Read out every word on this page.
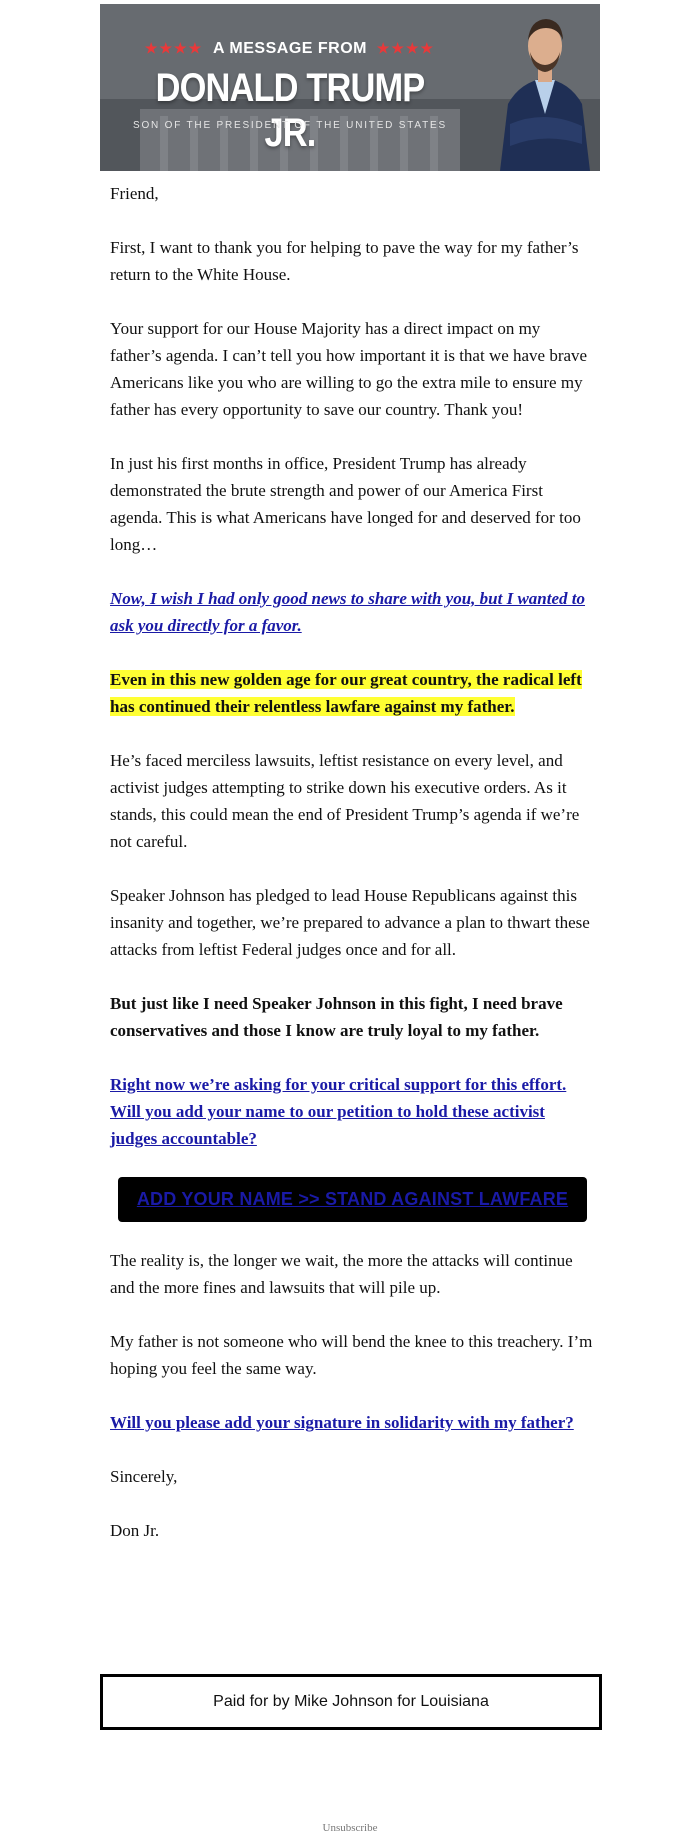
★★★★ A MESSAGE FROM ★★★★
DONALD TRUMP JR.
SON OF THE PRESIDENT OF THE UNITED STATES

Friend,

First, I want to thank you for helping to pave the way for my father’s return to the White House.

Your support for our House Majority has a direct impact on my father’s agenda. I can’t tell you how important it is that we have brave Americans like you who are willing to go the extra mile to ensure my father has every opportunity to save our country. Thank you!

In just his first months in office, President Trump has already demonstrated the brute strength and power of our America First agenda. This is what Americans have longed for and deserved for too long…

Now, I wish I had only good news to share with you, but I wanted to ask you directly for a favor.

Even in this new golden age for our great country, the radical left has continued their relentless lawfare against my father.

He’s faced merciless lawsuits, leftist resistance on every level, and activist judges attempting to strike down his executive orders. As it stands, this could mean the end of President Trump’s agenda if we’re not careful.

Speaker Johnson has pledged to lead House Republicans against this insanity and together, we’re prepared to advance a plan to thwart these attacks from leftist Federal judges once and for all.

But just like I need Speaker Johnson in this fight, I need brave conservatives and those I know are truly loyal to my father.

Right now we’re asking for your critical support for this effort. Will you add your name to our petition to hold these activist judges accountable?

ADD YOUR NAME >> STAND AGAINST LAWFARE

The reality is, the longer we wait, the more the attacks will continue and the more fines and lawsuits that will pile up.

My father is not someone who will bend the knee to this treachery. I’m hoping you feel the same way.

Will you please add your signature in solidarity with my father?

Sincerely,

Don Jr.

Paid for by Mike Johnson for Louisiana
Unsubscribe
